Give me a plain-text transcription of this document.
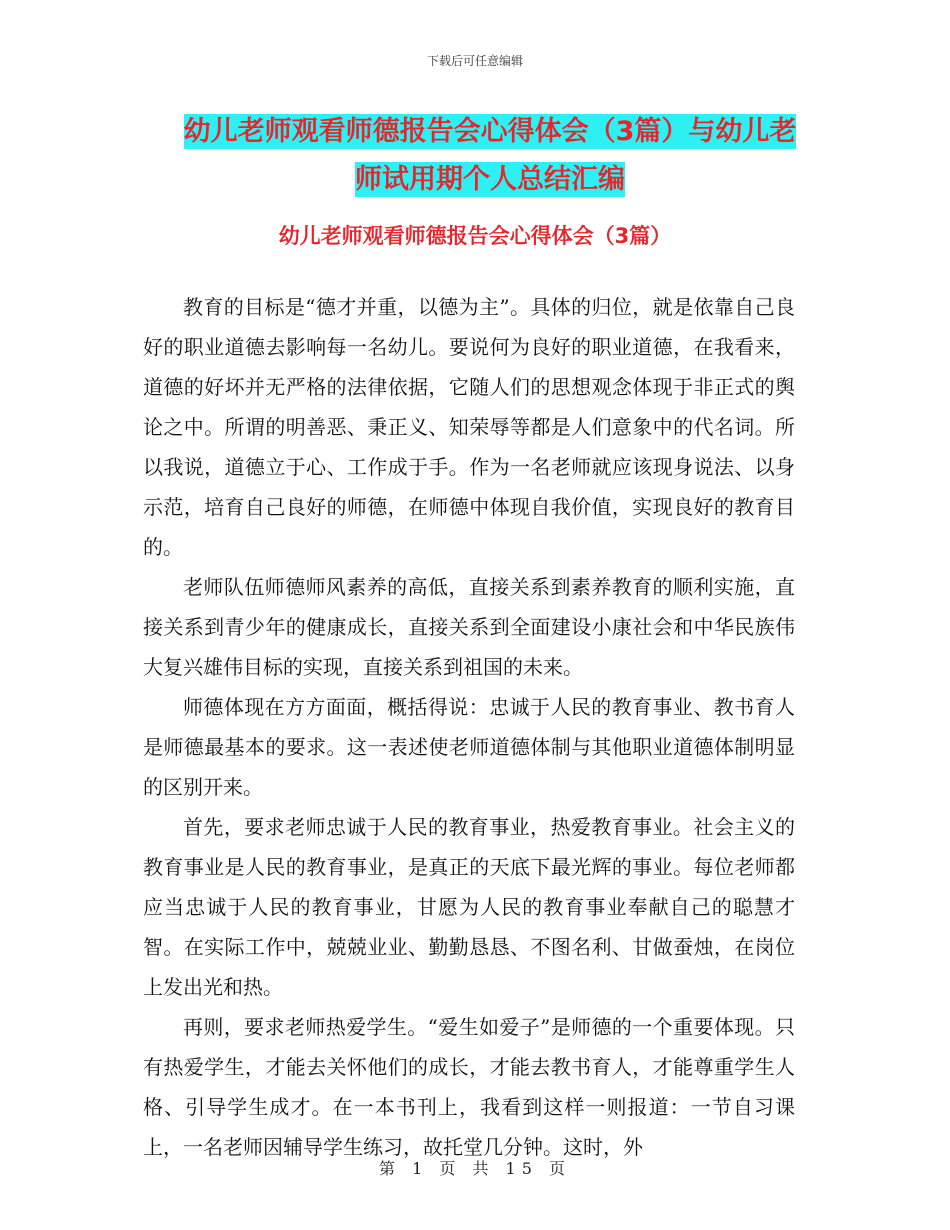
下载后可任意编辑
幼儿老师观看师德报告会心得体会（3篇）与幼儿老
师试用期个人总结汇编
幼儿老师观看师德报告会心得体会（3篇）

教育的目标是“德才并重，以德为主”。具体的归位，就是依靠自己良好的职业道德去影响每一名幼儿。要说何为良好的职业道德，在我看来，道德的好坏并无严格的法律依据，它随人们的思想观念体现于非正式的舆论之中。所谓的明善恶、秉正义、知荣辱等都是人们意象中的代名词。所以我说，道德立于心、工作成于手。作为一名老师就应该现身说法、以身示范，培育自己良好的师德，在师德中体现自我价值，实现良好的教育目的。

老师队伍师德师风素养的高低，直接关系到素养教育的顺利实施，直接关系到青少年的健康成长，直接关系到全面建设小康社会和中华民族伟大复兴雄伟目标的实现，直接关系到祖国的未来。

师德体现在方方面面，概括得说：忠诚于人民的教育事业、教书育人是师德最基本的要求。这一表述使老师道德体制与其他职业道德体制明显的区别开来。

首先，要求老师忠诚于人民的教育事业，热爱教育事业。社会主义的教育事业是人民的教育事业，是真正的天底下最光辉的事业。每位老师都应当忠诚于人民的教育事业，甘愿为人民的教育事业奉献自己的聪慧才智。在实际工作中，兢兢业业、勤勤恳恳、不图名利、甘做蚕烛，在岗位上发出光和热。

再则，要求老师热爱学生。“爱生如爱子”是师德的一个重要体现。只有热爱学生，才能去关怀他们的成长，才能去教书育人，才能尊重学生人格、引导学生成才。在一本书刊上，我看到这样一则报道：一节自习课上，一名老师因辅导学生练习，故托堂几分钟。这时，外

第 1 页 共 15 页
